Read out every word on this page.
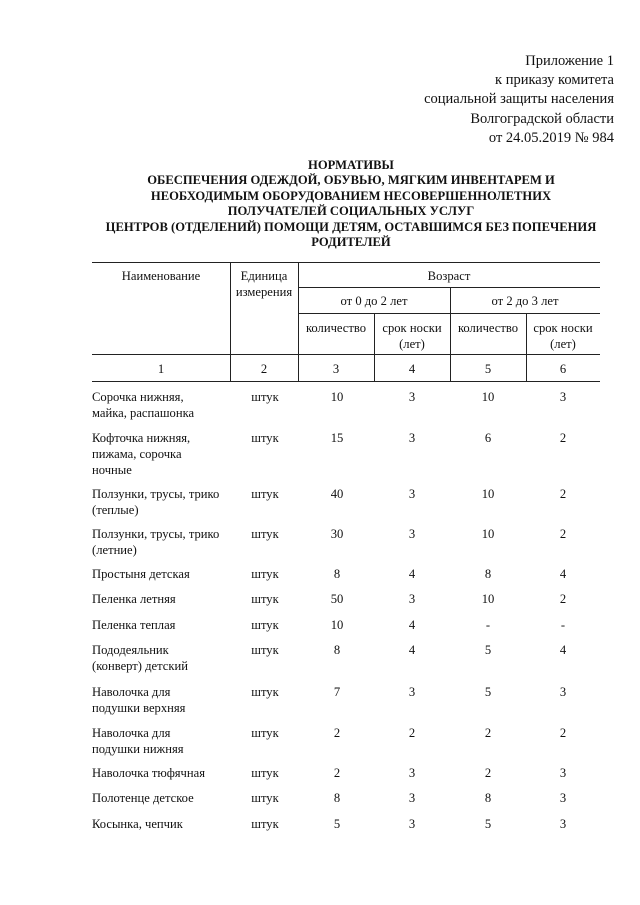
Приложение 1
к приказу комитета
социальной защиты населения
Волгоградской области
от 24.05.2019 № 984
НОРМАТИВЫ
ОБЕСПЕЧЕНИЯ ОДЕЖДОЙ, ОБУВЬЮ, МЯГКИМ ИНВЕНТАРЕМ И
НЕОБХОДИМЫМ ОБОРУДОВАНИЕМ НЕСОВЕРШЕННОЛЕТНИХ
ПОЛУЧАТЕЛЕЙ СОЦИАЛЬНЫХ УСЛУГ
ЦЕНТРОВ (ОТДЕЛЕНИЙ) ПОМОЩИ ДЕТЯМ, ОСТАВШИМСЯ БЕЗ ПОПЕЧЕНИЯ
РОДИТЕЛЕЙ
Наименование	Единица
измерения
Возраст
от 0 до 2 лет	от 2 до 3 лет
количество	срок носки
(лет)
количество	срок носки
(лет)
1	2	3	4	5	6
Сорочка нижняя,
майка, распашонка
штук	10	3	10	3
Кофточка нижняя,
пижама, сорочка
ночные
штук	15	3	6	2
Ползунки, трусы, трико
(теплые)
штук	40	3	10	2
Ползунки, трусы, трико
(летние)
штук	30	3	10	2
Простыня детская	штук	8	4	8	4
Пеленка летняя	штук	50	3	10	2
Пеленка теплая	штук	10	4	-	-
Пододеяльник
(конверт) детский
штук	8	4	5	4
Наволочка для
подушки верхняя
штук	7	3	5	3
Наволочка для
подушки нижняя
штук	2	2	2	2
Наволочка тюфячная	штук	2	3	2	3
Полотенце детское	штук	8	3	8	3
Косынка, чепчик	штук	5	3	5	3
